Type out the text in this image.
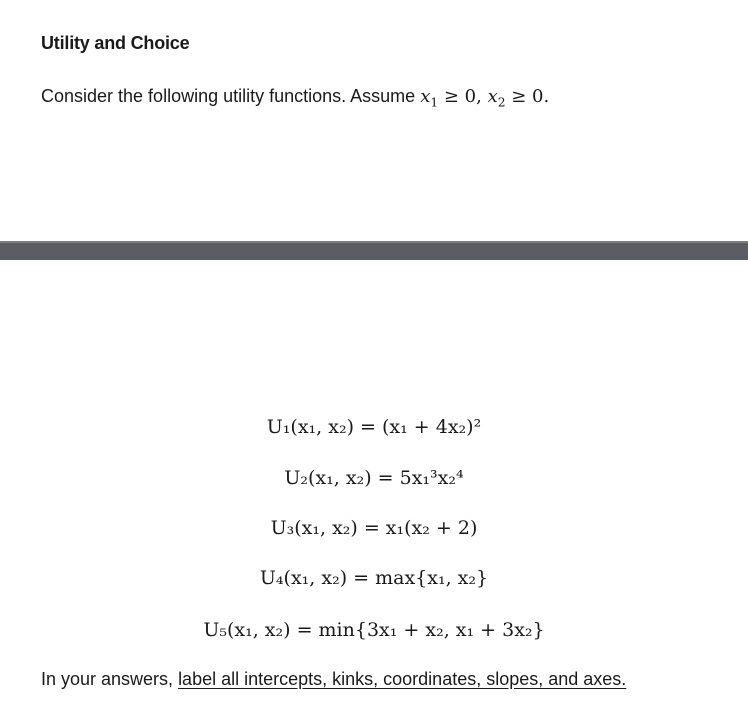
Utility and Choice
Consider the following utility functions. Assume $x_1 \ge 0$, $x_2 \ge 0$.
U₁(x₁, x₂) = (x₁ + 4x₂)²
U₂(x₁, x₂) = 5x₁³x₂⁴
U₃(x₁, x₂) = x₁(x₂ + 2)
U₄(x₁, x₂) = max{x₁, x₂}
U₅(x₁, x₂) = min{3x₁ + x₂, x₁ + 3x₂}
In your answers, label all intercepts, kinks, coordinates, slopes, and axes.
